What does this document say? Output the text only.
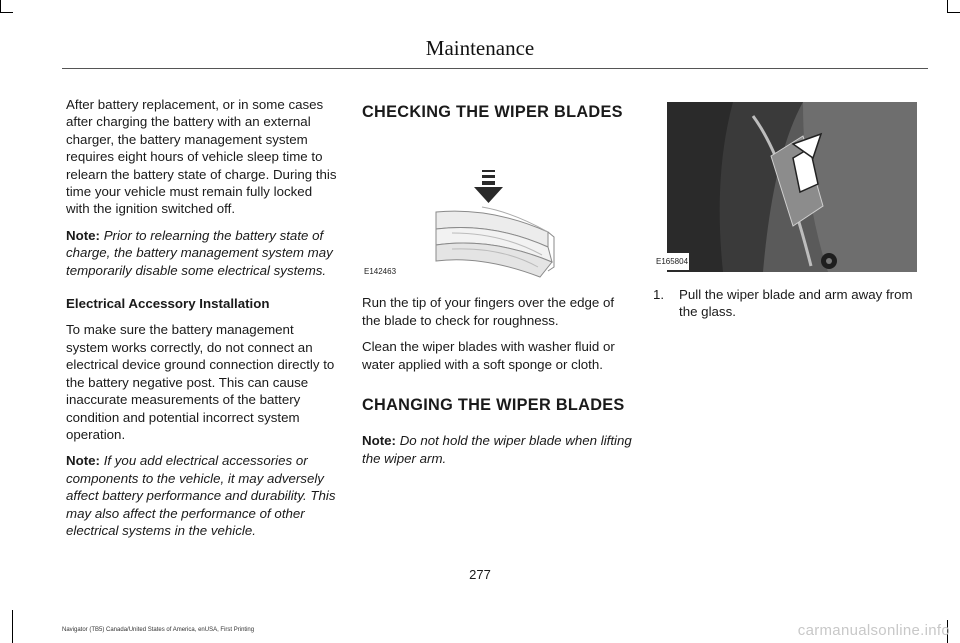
Maintenance

After battery replacement, or in some cases after charging the battery with an external charger, the battery management system requires eight hours of vehicle sleep time to relearn the battery state of charge. During this time your vehicle must remain fully locked with the ignition switched off.

Note: Prior to relearning the battery state of charge, the battery management system may temporarily disable some electrical systems.

Electrical Accessory Installation

To make sure the battery management system works correctly, do not connect an electrical device ground connection directly to the battery negative post. This can cause inaccurate measurements of the battery condition and potential incorrect system operation.

Note: If you add electrical accessories or components to the vehicle, it may adversely affect battery performance and durability. This may also affect the performance of other electrical systems in the vehicle.

CHECKING THE WIPER BLADES

E142463

Run the tip of your fingers over the edge of the blade to check for roughness.

Clean the wiper blades with washer fluid or water applied with a soft sponge or cloth.

CHANGING THE WIPER BLADES

Note: Do not hold the wiper blade when lifting the wiper arm.

E165804
1.	Pull the wiper blade and arm away from the glass.
277
Navigator (TB5) Canada/United States of America, enUSA, First Printing	carmanualsonline.info
